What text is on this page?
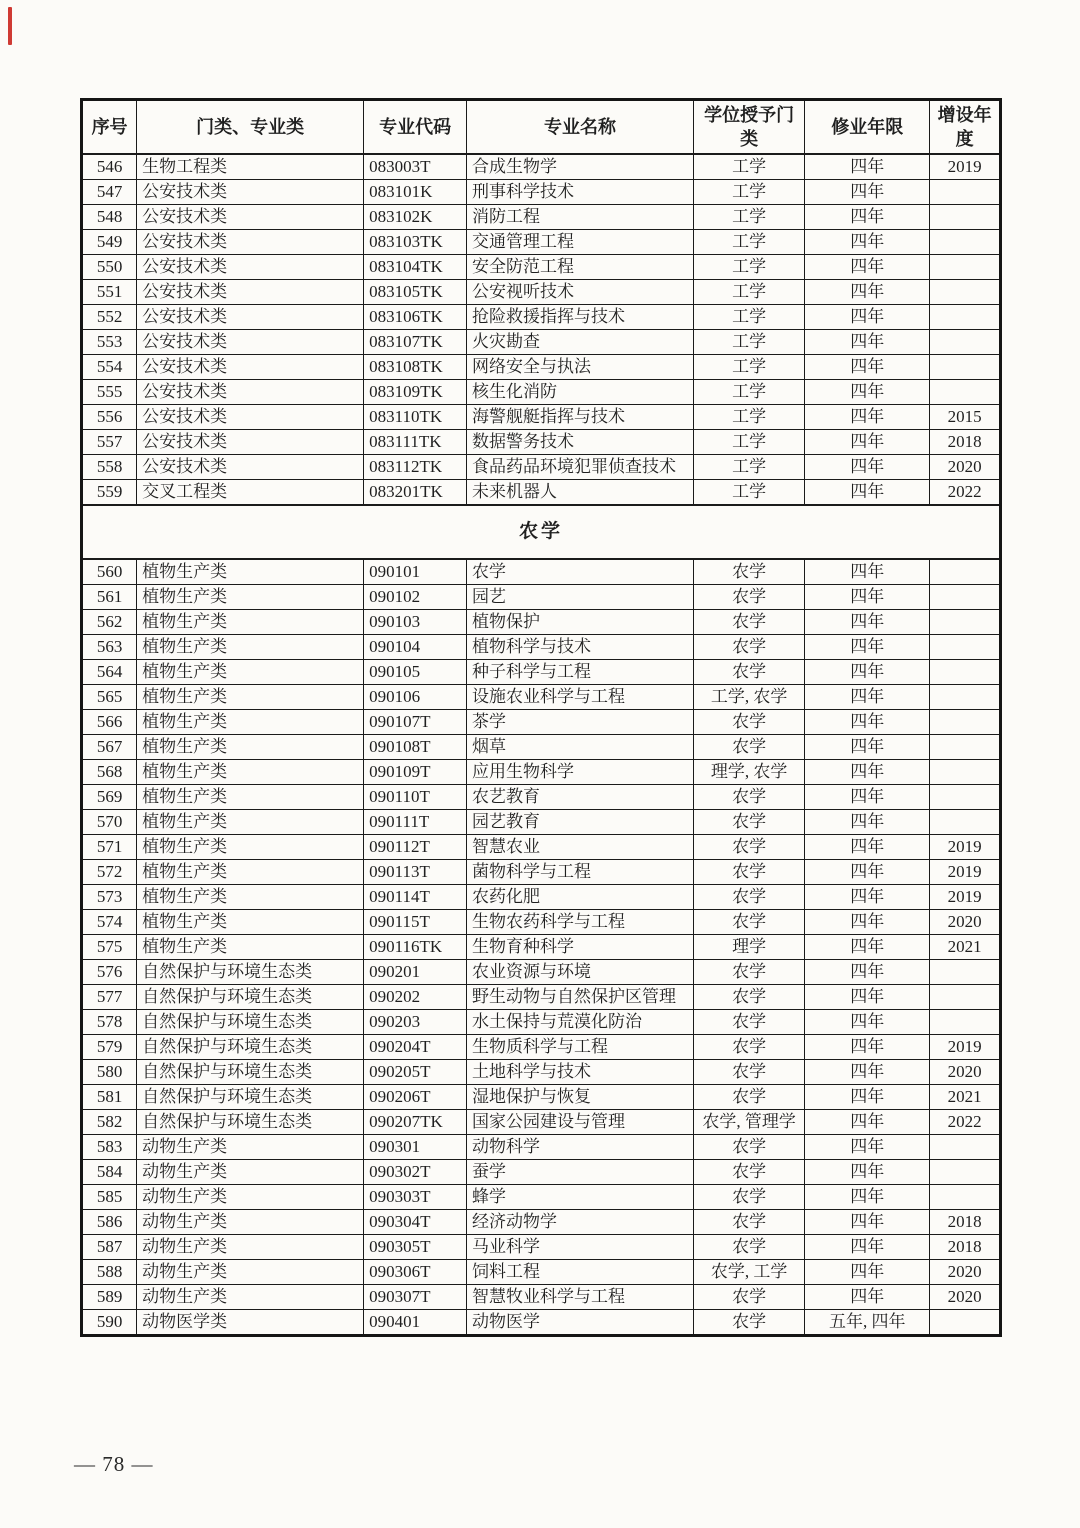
序号	门类、专业类	专业代码	专业名称	学位授予门类	修业年限	增设年度
546	生物工程类	083003T	合成生物学	工学	四年	2019
547	公安技术类	083101K	刑事科学技术	工学	四年	
548	公安技术类	083102K	消防工程	工学	四年	
549	公安技术类	083103TK	交通管理工程	工学	四年	
550	公安技术类	083104TK	安全防范工程	工学	四年	
551	公安技术类	083105TK	公安视听技术	工学	四年	
552	公安技术类	083106TK	抢险救援指挥与技术	工学	四年	
553	公安技术类	083107TK	火灾勘查	工学	四年	
554	公安技术类	083108TK	网络安全与执法	工学	四年	
555	公安技术类	083109TK	核生化消防	工学	四年	
556	公安技术类	083110TK	海警舰艇指挥与技术	工学	四年	2015
557	公安技术类	083111TK	数据警务技术	工学	四年	2018
558	公安技术类	083112TK	食品药品环境犯罪侦查技术	工学	四年	2020
559	交叉工程类	083201TK	未来机器人	工学	四年	2022
农学						
560	植物生产类	090101	农学	农学	四年	
561	植物生产类	090102	园艺	农学	四年	
562	植物生产类	090103	植物保护	农学	四年	
563	植物生产类	090104	植物科学与技术	农学	四年	
564	植物生产类	090105	种子科学与工程	农学	四年	
565	植物生产类	090106	设施农业科学与工程	工学, 农学	四年	
566	植物生产类	090107T	茶学	农学	四年	
567	植物生产类	090108T	烟草	农学	四年	
568	植物生产类	090109T	应用生物科学	理学, 农学	四年	
569	植物生产类	090110T	农艺教育	农学	四年	
570	植物生产类	090111T	园艺教育	农学	四年	
571	植物生产类	090112T	智慧农业	农学	四年	2019
572	植物生产类	090113T	菌物科学与工程	农学	四年	2019
573	植物生产类	090114T	农药化肥	农学	四年	2019
574	植物生产类	090115T	生物农药科学与工程	农学	四年	2020
575	植物生产类	090116TK	生物育种科学	理学	四年	2021
576	自然保护与环境生态类	090201	农业资源与环境	农学	四年	
577	自然保护与环境生态类	090202	野生动物与自然保护区管理	农学	四年	
578	自然保护与环境生态类	090203	水土保持与荒漠化防治	农学	四年	
579	自然保护与环境生态类	090204T	生物质科学与工程	农学	四年	2019
580	自然保护与环境生态类	090205T	土地科学与技术	农学	四年	2020
581	自然保护与环境生态类	090206T	湿地保护与恢复	农学	四年	2021
582	自然保护与环境生态类	090207TK	国家公园建设与管理	农学, 管理学	四年	2022
583	动物生产类	090301	动物科学	农学	四年	
584	动物生产类	090302T	蚕学	农学	四年	
585	动物生产类	090303T	蜂学	农学	四年	
586	动物生产类	090304T	经济动物学	农学	四年	2018
587	动物生产类	090305T	马业科学	农学	四年	2018
588	动物生产类	090306T	饲料工程	农学, 工学	四年	2020
589	动物生产类	090307T	智慧牧业科学与工程	农学	四年	2020
590	动物医学类	090401	动物医学	农学	五年, 四年	
— 78 —
